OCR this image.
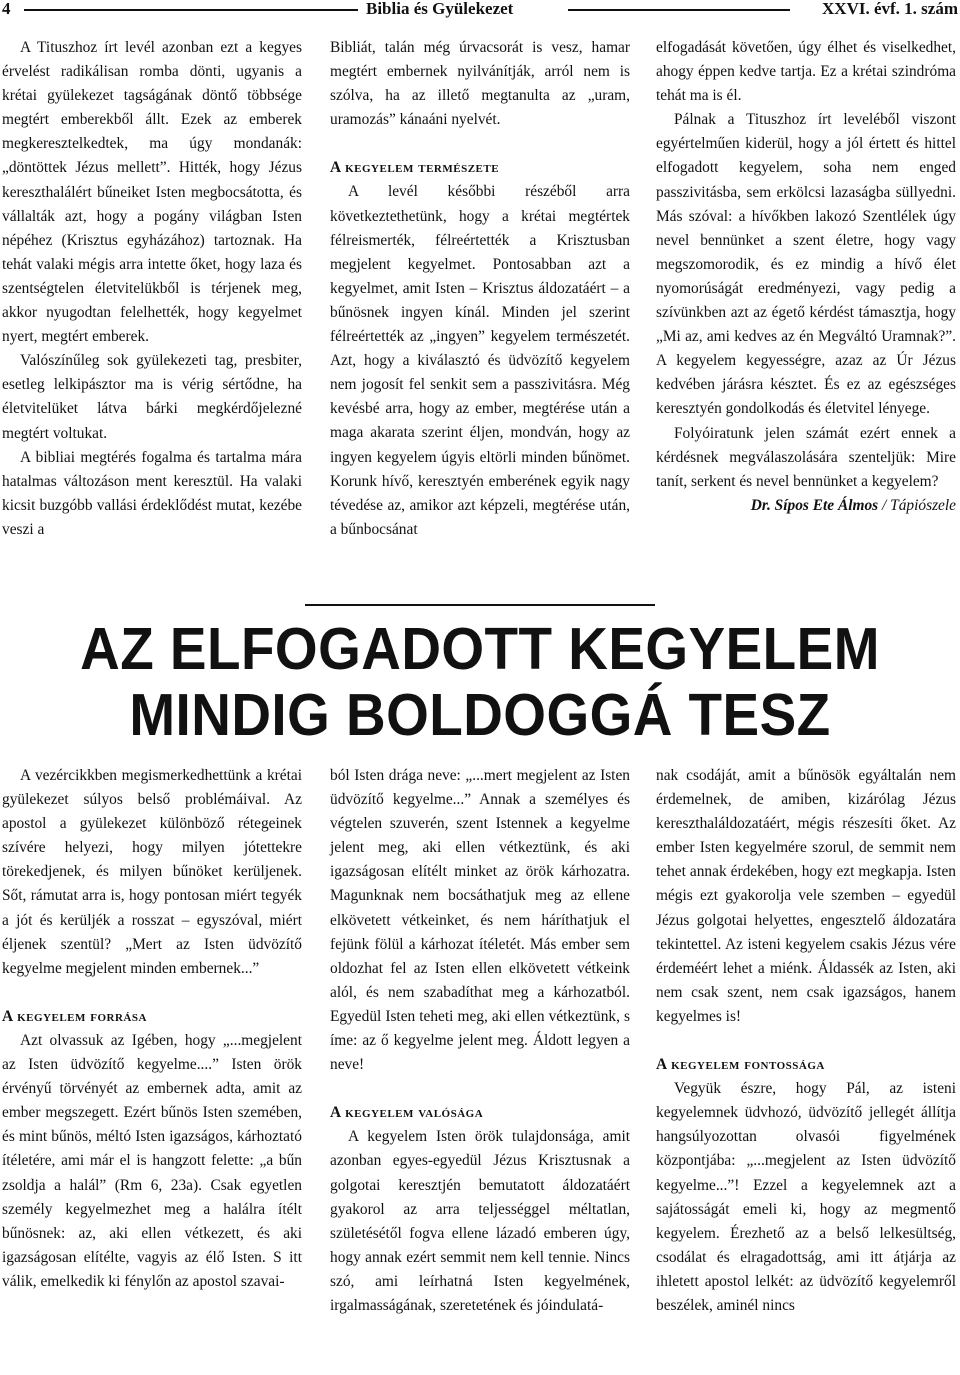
4	Biblia és Gyülekezet	XXVI. évf. 1. szám

A Tituszhoz írt levél azonban ezt a kegyes érvelést radikálisan romba dönti, ugyanis a krétai gyülekezet tagságának döntő többsége megtért emberekből állt. Ezek az emberek megkeresztelkedtek, ma úgy mondanák: „döntöttek Jézus mellett”. Hitték, hogy Jézus kereszthalálért bűneiket Isten megbocsátotta, és vállalták azt, hogy a pogány világban Isten népéhez (Krisztus egyházához) tartoznak. Ha tehát valaki mégis arra intette őket, hogy laza és szentségtelen életvitelükből is térjenek meg, akkor nyugodtan felelhették, hogy kegyelmet nyert, megtért emberek.

Valószínűleg sok gyülekezeti tag, presbiter, esetleg lelkipásztor ma is vérig sértődne, ha életvitelüket látva bárki megkérdőjelezné megtért voltukat.

A bibliai megtérés fogalma és tartalma mára hatalmas változáson ment keresztül. Ha valaki kicsit buzgóbb vallási érdeklődést mutat, kezébe veszi a

Bibliát, talán még úrvacsorát is vesz, hamar megtért embernek nyilvánítják, arról nem is szólva, ha az illető megtanulta az „uram, uramozás” kánaáni nyelvét.

A kegyelem természete

A levél későbbi részéből arra következtethetünk, hogy a krétai megtértek félreismerték, félreértették a Krisztusban megjelent kegyelmet. Pontosabban azt a kegyelmet, amit Isten – Krisztus áldozatáért – a bűnösnek ingyen kínál. Minden jel szerint félreértették az „ingyen” kegyelem természetét. Azt, hogy a kiválasztó és üdvözítő kegyelem nem jogosít fel senkit sem a passzivitásra. Még kevésbé arra, hogy az ember, megtérése után a maga akarata szerint éljen, mondván, hogy az ingyen kegyelem úgyis eltörli minden bűnömet. Korunk hívő, keresztyén emberének egyik nagy tévedése az, amikor azt képzeli, megtérése után, a bűnbocsánat

elfogadását követően, úgy élhet és viselkedhet, ahogy éppen kedve tartja. Ez a krétai szindróma tehát ma is él.

Pálnak a Tituszhoz írt leveléből viszont egyértelműen kiderül, hogy a jól értett és hittel elfogadott kegyelem, soha nem enged passzivitásba, sem erkölcsi lazaságba süllyedni. Más szóval: a hívőkben lakozó Szentlélek úgy nevel bennünket a szent életre, hogy vagy megszomorodik, és ez mindig a hívő élet nyomorúságát eredményezi, vagy pedig a szívünkben azt az égető kérdést támasztja, hogy „Mi az, ami kedves az én Megváltó Uramnak?”. A kegyelem kegyességre, azaz az Úr Jézus kedvében járásra késztet. És ez az egészséges keresztyén gondolkodás és életvitel lényege.

Folyóiratunk jelen számát ezért ennek a kérdésnek megválaszolására szenteljük: Mire tanít, serkent és nevel bennünket a kegyelem?

Dr. Sípos Ete Álmos / Tápiószele

AZ ELFOGADOTT KEGYELEM
MINDIG BOLDOGGÁ TESZ

A vezércikkben megismerkedhettünk a krétai gyülekezet súlyos belső problémáival. Az apostol a gyülekezet különböző rétegeinek szívére helyezi, hogy milyen jótettekre törekedjenek, és milyen bűnöket kerüljenek. Sőt, rámutat arra is, hogy pontosan miért tegyék a jót és kerüljék a rosszat – egyszóval, miért éljenek szentül? „Mert az Isten üdvözítő kegyelme megjelent minden embernek...”

A kegyelem forrása

Azt olvassuk az Igében, hogy „...megjelent az Isten üdvözítő kegyelme....” Isten örök érvényű törvényét az embernek adta, amit az ember megszegett. Ezért bűnös Isten szemében, és mint bűnös, méltó Isten igazságos, kárhoztató ítéletére, ami már el is hangzott felette: „a bűn zsoldja a halál” (Rm 6, 23a). Csak egyetlen személy kegyelmezhet meg a halálra ítélt bűnösnek: az, aki ellen vétkezett, és aki igazságosan elítélte, vagyis az élő Isten. S itt válik, emelkedik ki fénylőn az apostol szavai-

ból Isten drága neve: „...mert megjelent az Isten üdvözítő kegyelme...” Annak a személyes és végtelen szuverén, szent Istennek a kegyelme jelent meg, aki ellen vétkeztünk, és aki igazságosan elítélt minket az örök kárhozatra. Magunknak nem bocsáthatjuk meg az ellene elkövetett vétkeinket, és nem háríthatjuk el fejünk fölül a kárhozat ítéletét. Más ember sem oldozhat fel az Isten ellen elkövetett vétkeink alól, és nem szabadíthat meg a kárhozatból. Egyedül Isten teheti meg, aki ellen vétkeztünk, s íme: az ő kegyelme jelent meg. Áldott legyen a neve!

A kegyelem valósága

A kegyelem Isten örök tulajdonsága, amit azonban egyes-egyedül Jézus Krisztusnak a golgotai keresztjén bemutatott áldozatáért gyakorol az arra teljességgel méltatlan, születésétől fogva ellene lázadó emberen úgy, hogy annak ezért semmit nem kell tennie. Nincs szó, ami leírhatná Isten kegyelmének, irgalmasságának, szeretetének és jóindulatá-

nak csodáját, amit a bűnösök egyáltalán nem érdemelnek, de amiben, kizárólag Jézus kereszthaláldozatáért, mégis részesíti őket. Az ember Isten kegyelmére szorul, de semmit nem tehet annak érdekében, hogy ezt megkapja. Isten mégis ezt gyakorolja vele szemben – egyedül Jézus golgotai helyettes, engesztelő áldozatára tekintettel. Az isteni kegyelem csakis Jézus vére érdeméért lehet a miénk. Áldassék az Isten, aki nem csak szent, nem csak igazságos, hanem kegyelmes is!

A kegyelem fontossága

Vegyük észre, hogy Pál, az isteni kegyelemnek üdvhozó, üdvözítő jellegét állítja hangsúlyozottan olvasói figyelmének központjába: „...megjelent az Isten üdvözítő kegyelme...”! Ezzel a kegyelemnek azt a sajátosságát emeli ki, hogy az megmentő kegyelem. Érezhető az a belső lelkesültség, csodálat és elragadottság, ami itt átjárja az ihletett apostol lelkét: az üdvözítő kegyelemről beszélek, aminél nincs
